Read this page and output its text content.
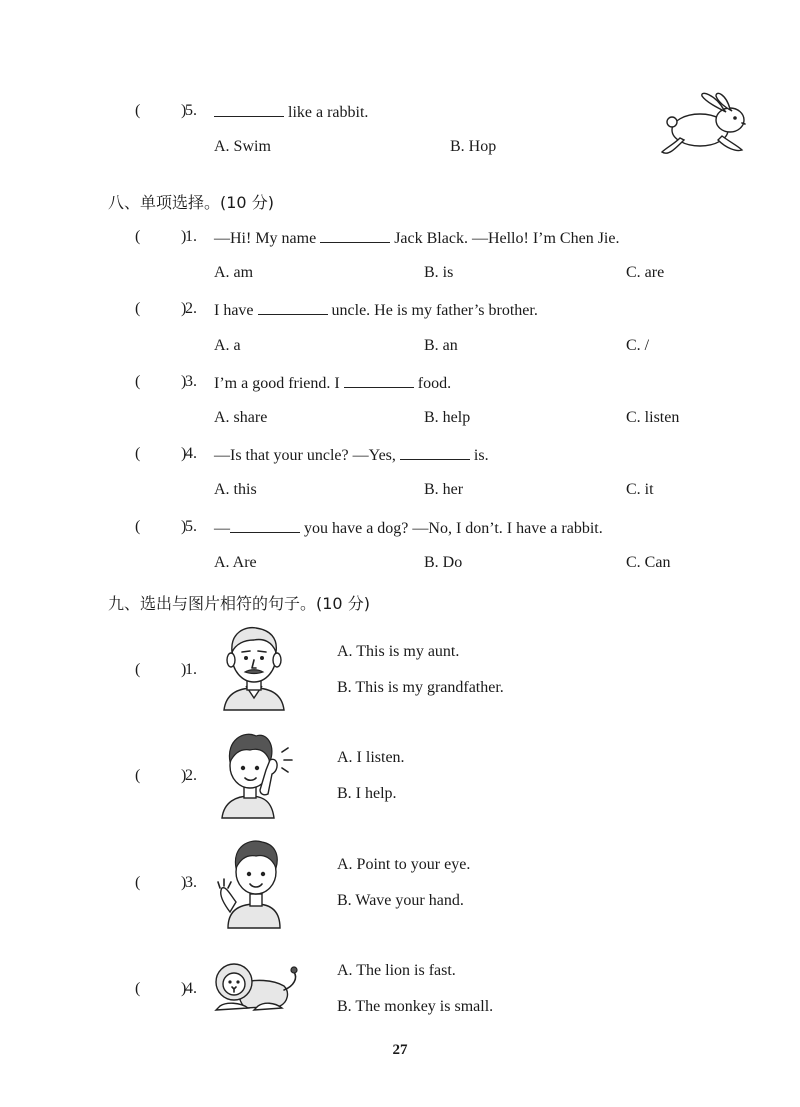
(	)
5.	like a rabbit.
A. Swim	B. Hop
八、单项选择。(10 分)
(	)
1. —Hi! My name	Jack Black. —Hello! I’m Chen Jie.
A. am	B. is	C. are
(	)
2. I have	uncle. He is my father’s brother.
A. a	B. an	C. /
(	)
3. I’m a good friend. I	food.
A. share	B. help	C. listen
(	)
4. —Is that your uncle? —Yes,	is.
A. this	B. her	C. it
(	)
5. —	you have a dog? —No, I don’t. I have a rabbit.
A. Are	B. Do	C. Can
九、选出与图片相符的句子。(10 分)
(	)
1.
A. This is my aunt.
B. This is my grandfather.
(	)
2.
A. I listen.
B. I help.
(	)
3.
A. Point to your eye.
B. Wave your hand.
(	)
4.
A. The lion is fast.
B. The monkey is small.
27
